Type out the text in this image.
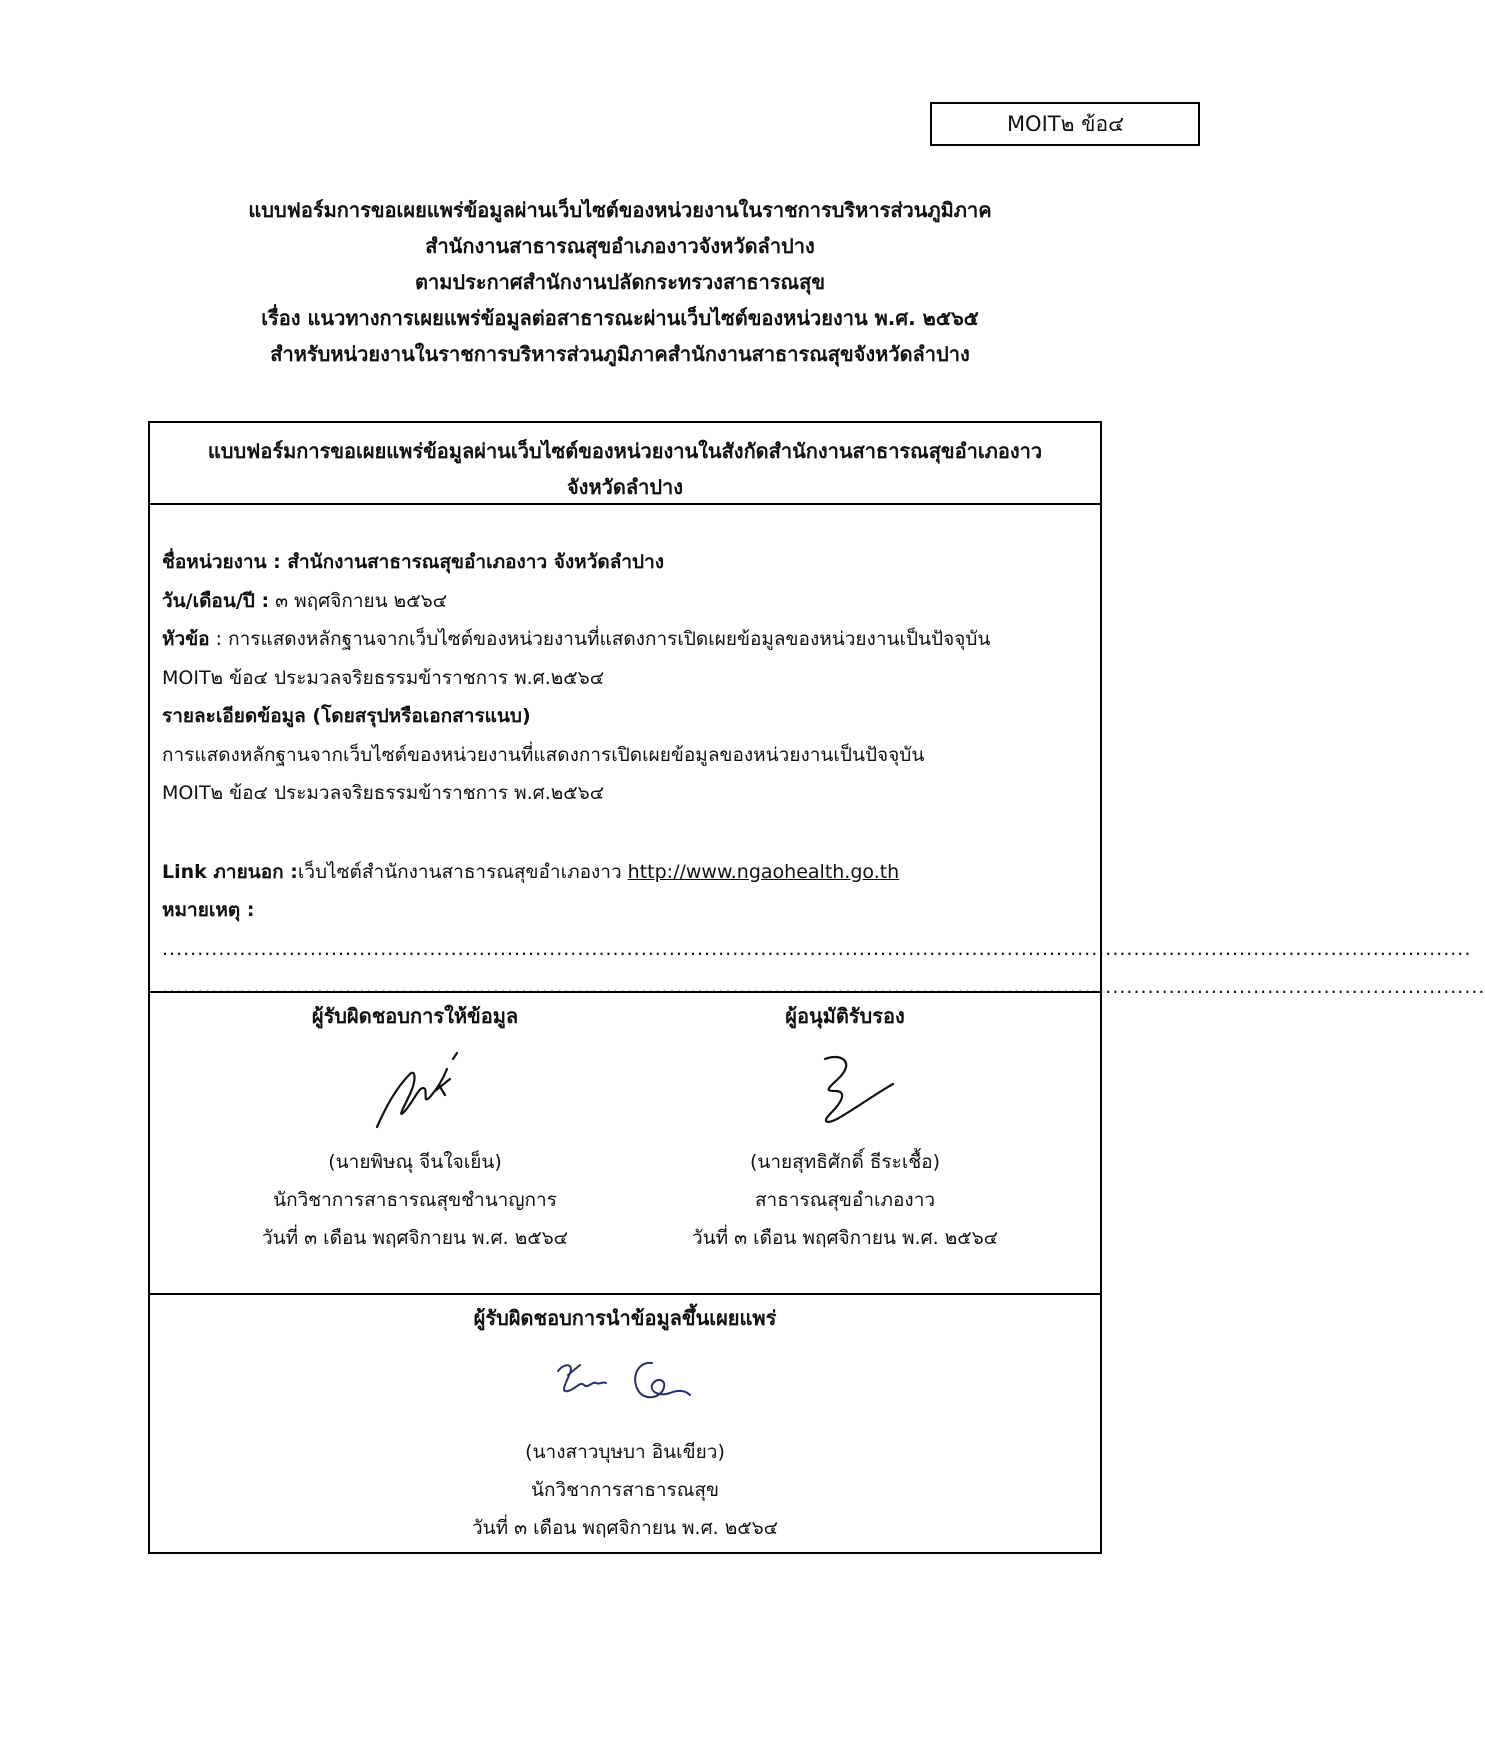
MOIT๒ ข้อ๔
แบบฟอร์มการขอเผยแพร่ข้อมูลผ่านเว็บไซต์ของหน่วยงานในราชการบริหารส่วนภูมิภาค
สำนักงานสาธารณสุขอำเภองาวจังหวัดลำปาง
ตามประกาศสำนักงานปลัดกระทรวงสาธารณสุข
เรื่อง แนวทางการเผยแพร่ข้อมูลต่อสาธารณะผ่านเว็บไซต์ของหน่วยงาน พ.ศ. ๒๕๖๕
สำหรับหน่วยงานในราชการบริหารส่วนภูมิภาคสำนักงานสาธารณสุขจังหวัดลำปาง
แบบฟอร์มการขอเผยแพร่ข้อมูลผ่านเว็บไซต์ของหน่วยงานในสังกัดสำนักงานสาธารณสุขอำเภองาว
จังหวัดลำปาง
ชื่อหน่วยงาน : สำนักงานสาธารณสุขอำเภองาว จังหวัดลำปาง
วัน/เดือน/ปี : ๓ พฤศจิกายน ๒๕๖๔
หัวข้อ : การแสดงหลักฐานจากเว็บไซต์ของหน่วยงานที่แสดงการเปิดเผยข้อมูลของหน่วยงานเป็นปัจจุบัน
MOIT๒ ข้อ๔ ประมวลจริยธรรมข้าราชการ พ.ศ.๒๕๖๔
รายละเอียดข้อมูล (โดยสรุปหรือเอกสารแนบ)
การแสดงหลักฐานจากเว็บไซต์ของหน่วยงานที่แสดงการเปิดเผยข้อมูลของหน่วยงานเป็นปัจจุบัน
MOIT๒ ข้อ๔ ประมวลจริยธรรมข้าราชการ พ.ศ.๒๕๖๔
Link ภายนอก :เว็บไซต์สำนักงานสาธารณสุขอำเภองาว http://www.ngaohealth.go.th
หมายเหตุ :
..........................................................................................................................................................................................
............................................................................................................................................................................................
ผู้รับผิดชอบการให้ข้อมูล
(นายพิษณุ จีนใจเย็น)
นักวิชาการสาธารณสุขชำนาญการ
วันที่ ๓ เดือน พฤศจิกายน พ.ศ. ๒๕๖๔
ผู้อนุมัติรับรอง
(นายสุทธิศักดิ์ ธีระเชื้อ)
สาธารณสุขอำเภองาว
วันที่ ๓ เดือน พฤศจิกายน พ.ศ. ๒๕๖๔
ผู้รับผิดชอบการนำข้อมูลขึ้นเผยแพร่
(นางสาวบุษบา อินเขียว)
นักวิชาการสาธารณสุข
วันที่ ๓ เดือน พฤศจิกายน พ.ศ. ๒๕๖๔
